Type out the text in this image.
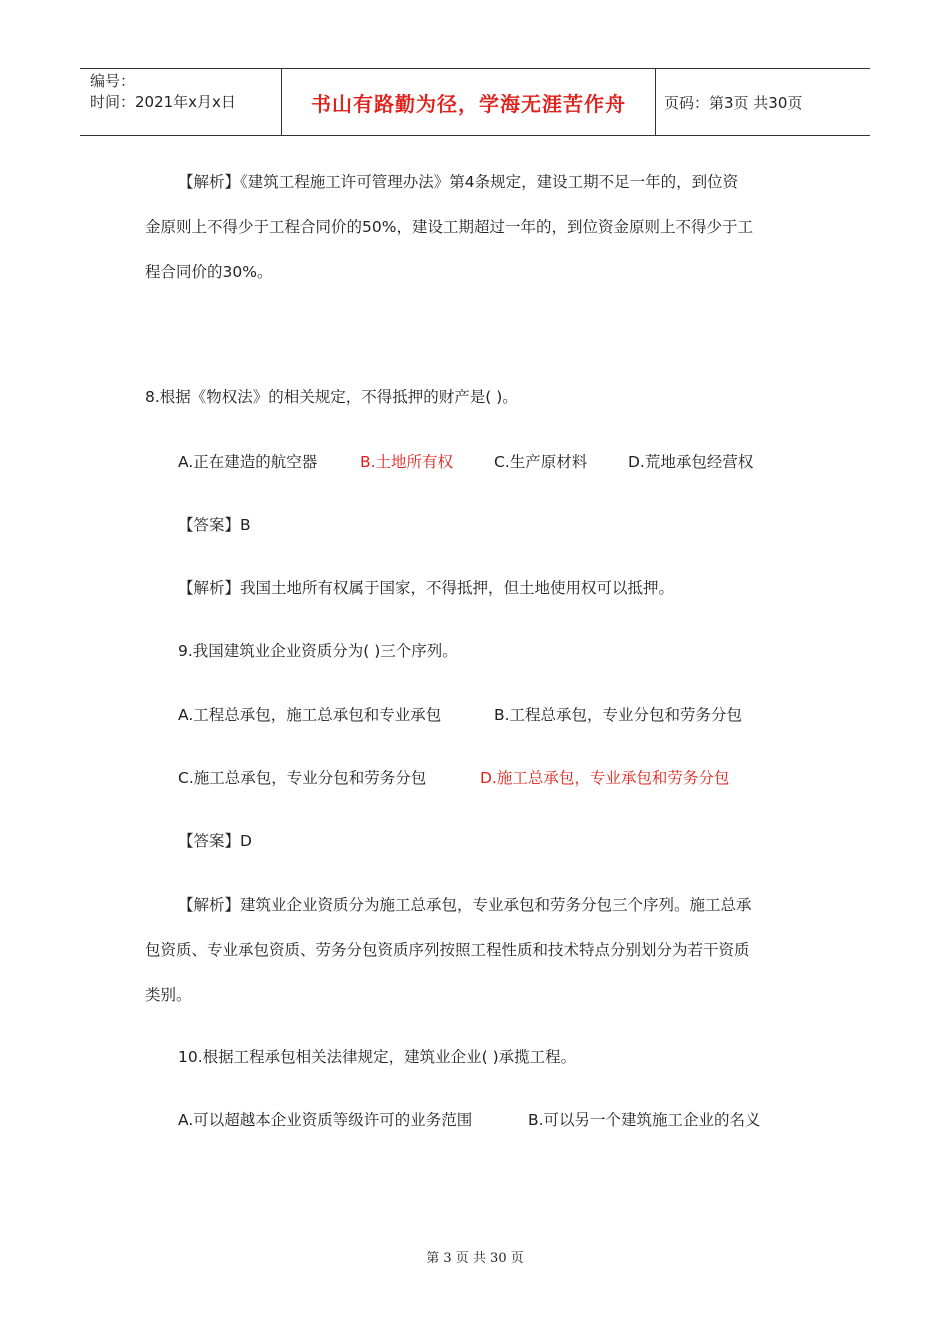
编号：
时间：2021年x月x日	书山有路勤为径，学海无涯苦作舟	页码：第3页 共30页
【解析】《建筑工程施工许可管理办法》第4条规定，建设工期不足一年的，到位资
金原则上不得少于工程合同价的50%，建设工期超过一年的，到位资金原则上不得少于工
程合同价的30%。
8.根据《物权法》的相关规定，不得抵押的财产是( )。
A.正在建造的航空器	B.土地所有权	C.生产原材料	D.荒地承包经营权
【答案】B
【解析】我国土地所有权属于国家，不得抵押，但土地使用权可以抵押。
9.我国建筑业企业资质分为( )三个序列。
A.工程总承包，施工总承包和专业承包	B.工程总承包，专业分包和劳务分包
C.施工总承包，专业分包和劳务分包	D.施工总承包，专业承包和劳务分包
【答案】D
【解析】建筑业企业资质分为施工总承包，专业承包和劳务分包三个序列。施工总承
包资质、专业承包资质、劳务分包资质序列按照工程性质和技术特点分别划分为若干资质
类别。
10.根据工程承包相关法律规定，建筑业企业( )承揽工程。
A.可以超越本企业资质等级许可的业务范围	B.可以另一个建筑施工企业的名义
第 3 页 共 30 页
